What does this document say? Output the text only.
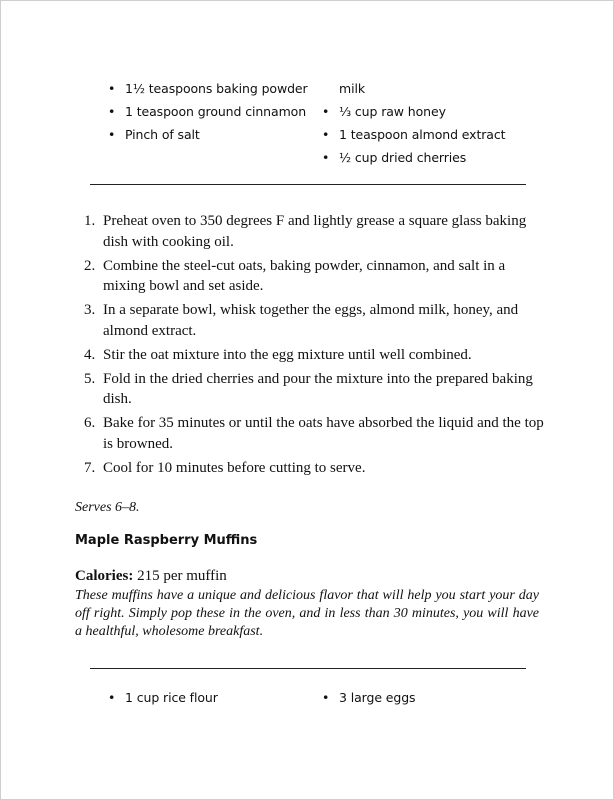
• 1½ teaspoons baking powder
• 1 teaspoon ground cinnamon
• Pinch of salt
milk
• ⅓ cup raw honey
• 1 teaspoon almond extract
• ½ cup dried cherries
1. Preheat oven to 350 degrees F and lightly grease a square glass baking dish with cooking oil.
2. Combine the steel-cut oats, baking powder, cinnamon, and salt in a mixing bowl and set aside.
3. In a separate bowl, whisk together the eggs, almond milk, honey, and almond extract.
4. Stir the oat mixture into the egg mixture until well combined.
5. Fold in the dried cherries and pour the mixture into the prepared baking dish.
6. Bake for 35 minutes or until the oats have absorbed the liquid and the top is browned.
7. Cool for 10 minutes before cutting to serve.
Serves 6–8.
Maple Raspberry Muffins
Calories: 215 per muffin
These muffins have a unique and delicious flavor that will help you start your day off right. Simply pop these in the oven, and in less than 30 minutes, you will have a healthful, wholesome breakfast.
• 1 cup rice flour	• 3 large eggs
